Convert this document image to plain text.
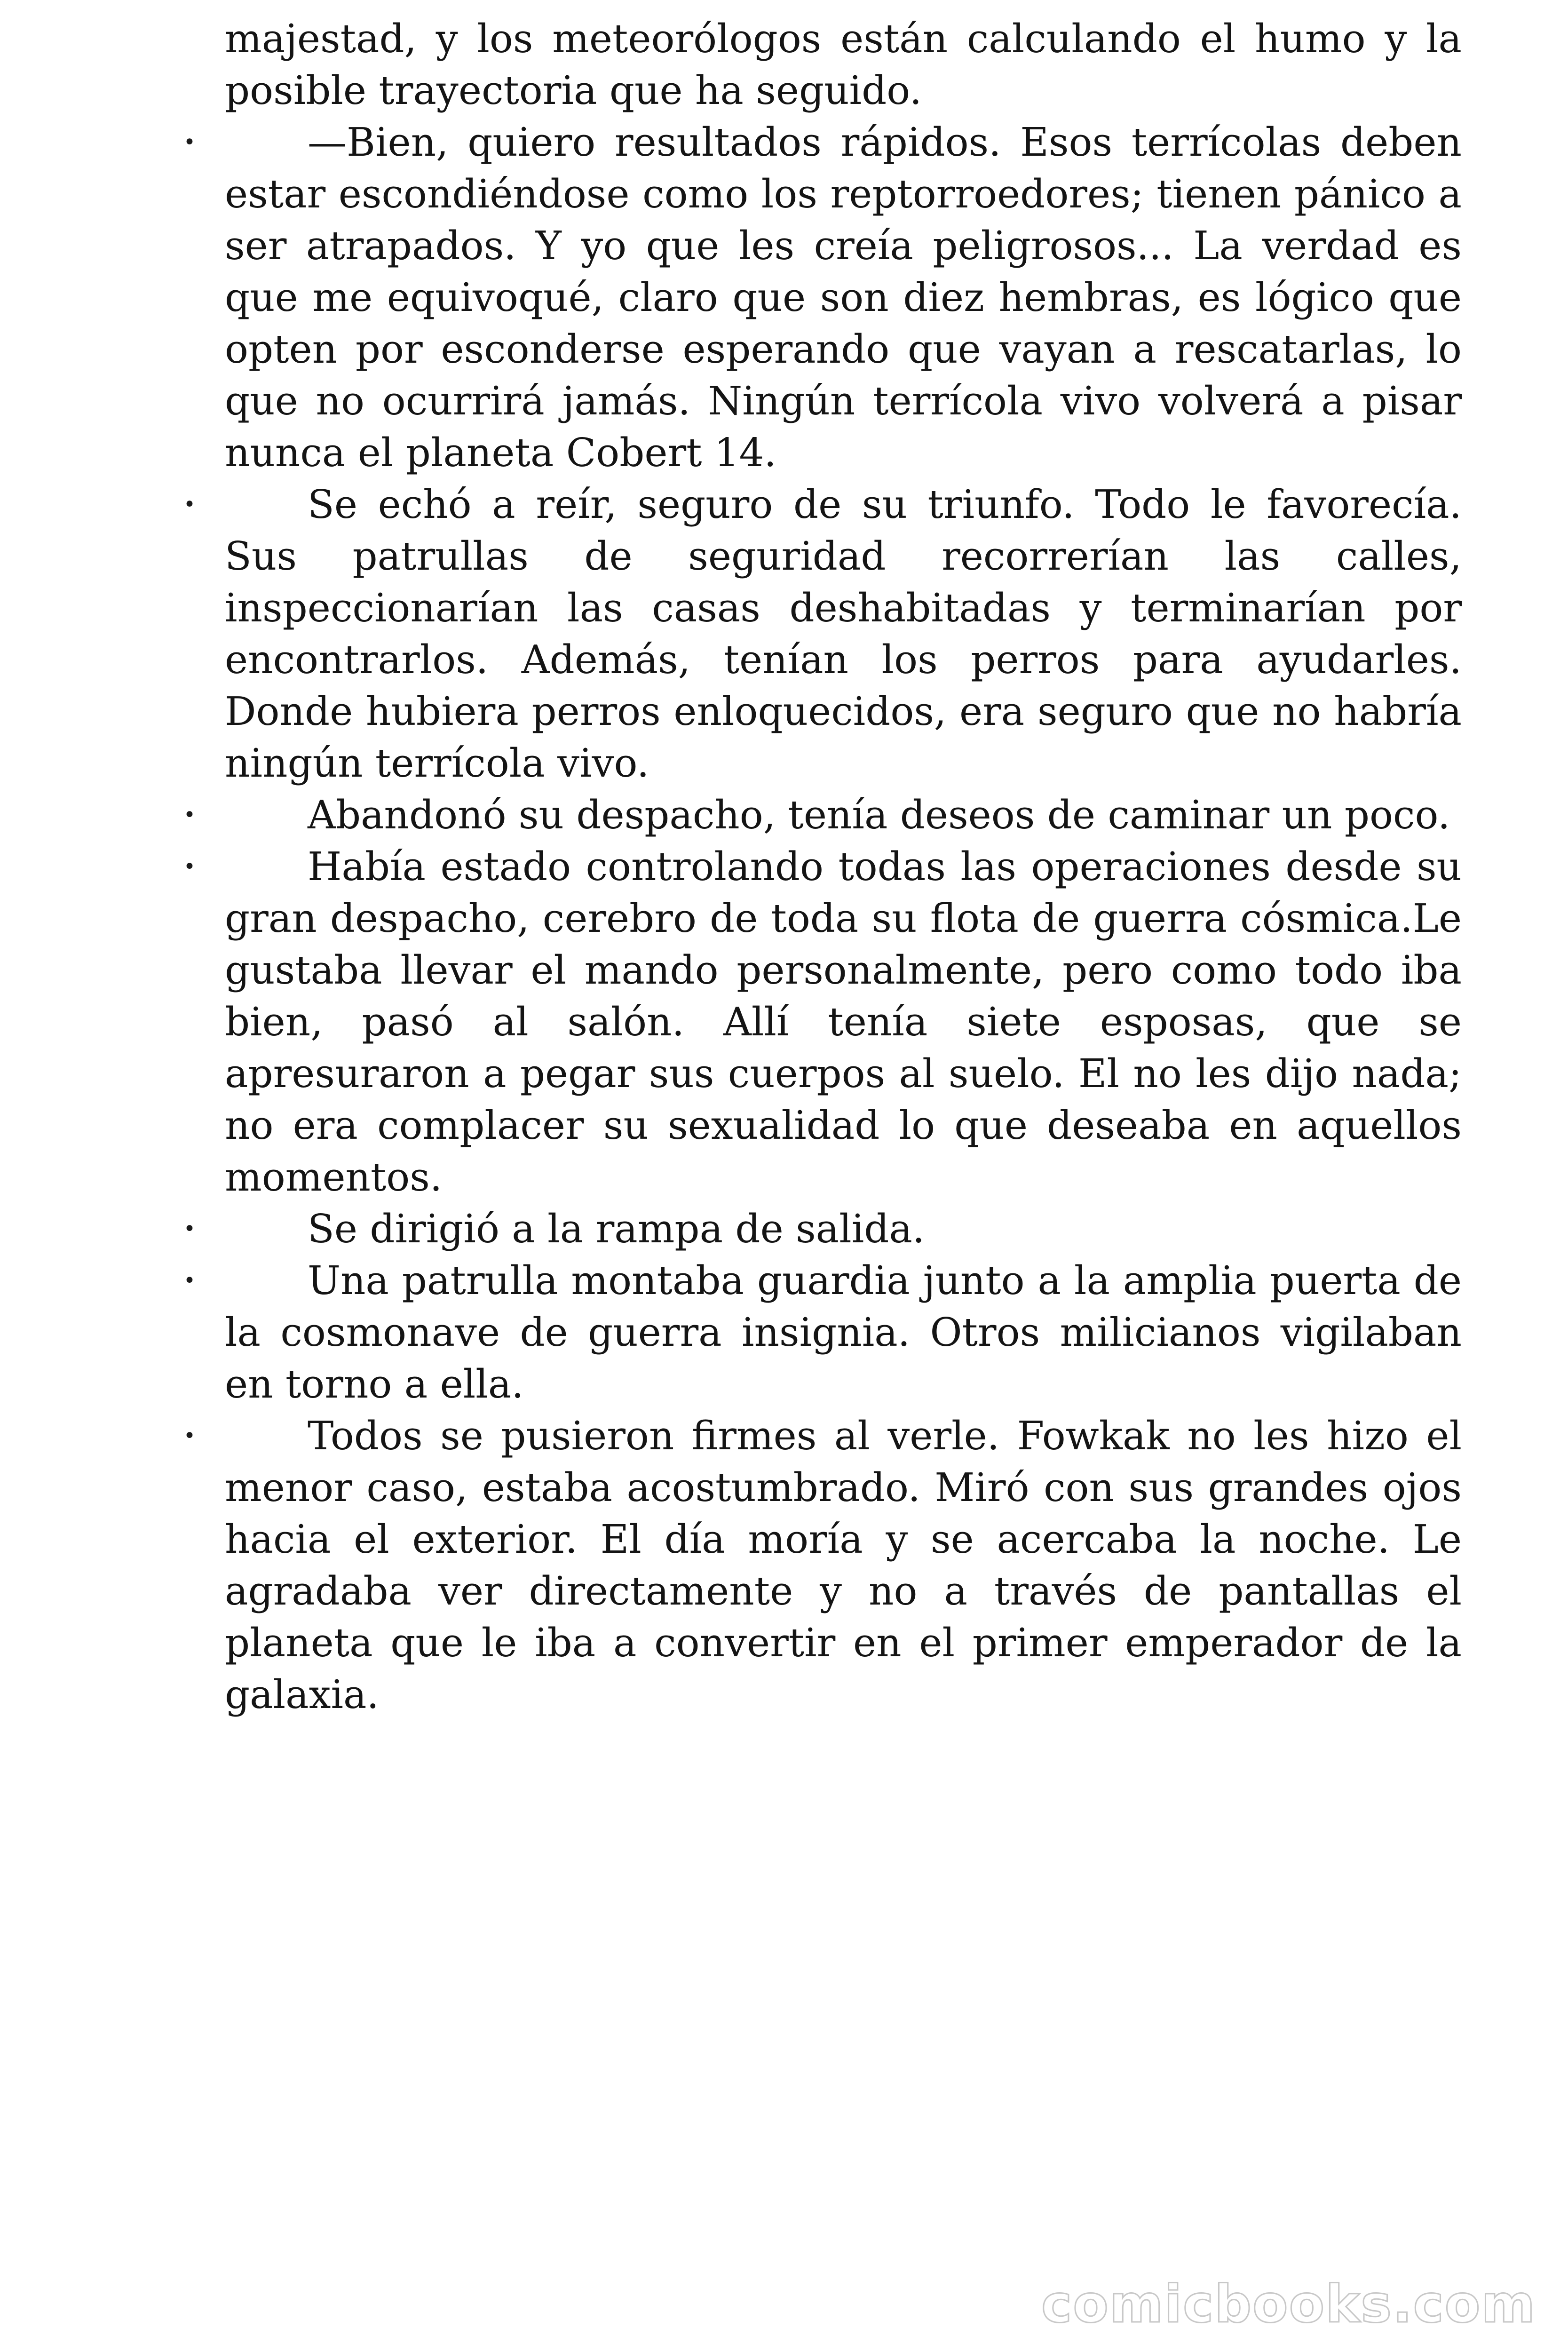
majestad, y los meteorólogos están calculando el humo y la posible trayectoria que ha seguido.

•	—Bien, quiero resultados rápidos. Esos terrícolas deben estar escondiéndose como los reptorroedores; tienen pánico a ser atrapados. Y yo que les creía peligrosos... La verdad es que me equivoqué, claro que son diez hembras, es lógico que opten por esconderse esperando que vayan a rescatarlas, lo que no ocurrirá jamás. Ningún terrícola vivo volverá a pisar nunca el planeta Cobert 14.

•	Se echó a reír, seguro de su triunfo. Todo le favorecía. Sus patrullas de seguridad recorrerían las calles, inspeccionarían las casas deshabitadas y terminarían por encontrarlos. Además, tenían los perros para ayudarles. Donde hubiera perros enloquecidos, era seguro que no habría ningún terrícola vivo.

•	Abandonó su despacho, tenía deseos de caminar un poco.

•	Había estado controlando todas las operaciones desde su gran despacho, cerebro de toda su flota de guerra cósmica.Le gustaba llevar el mando personalmente, pero como todo iba bien, pasó al salón. Allí tenía siete esposas, que se apresuraron a pegar sus cuerpos al suelo. El no les dijo nada; no era complacer su sexualidad lo que deseaba en aquellos momentos.

•	Se dirigió a la rampa de salida.

•	Una patrulla montaba guardia junto a la amplia puerta de la cosmonave de guerra insignia. Otros milicianos vigilaban en torno a ella.

•	Todos se pusieron firmes al verle. Fowkak no les hizo el menor caso, estaba acostumbrado. Miró con sus grandes ojos hacia el exterior. El día moría y se acercaba la noche. Le agradaba ver directamente y no a través de pantallas el planeta que le iba a convertir en el primer emperador de la galaxia.

comicbooks.com
